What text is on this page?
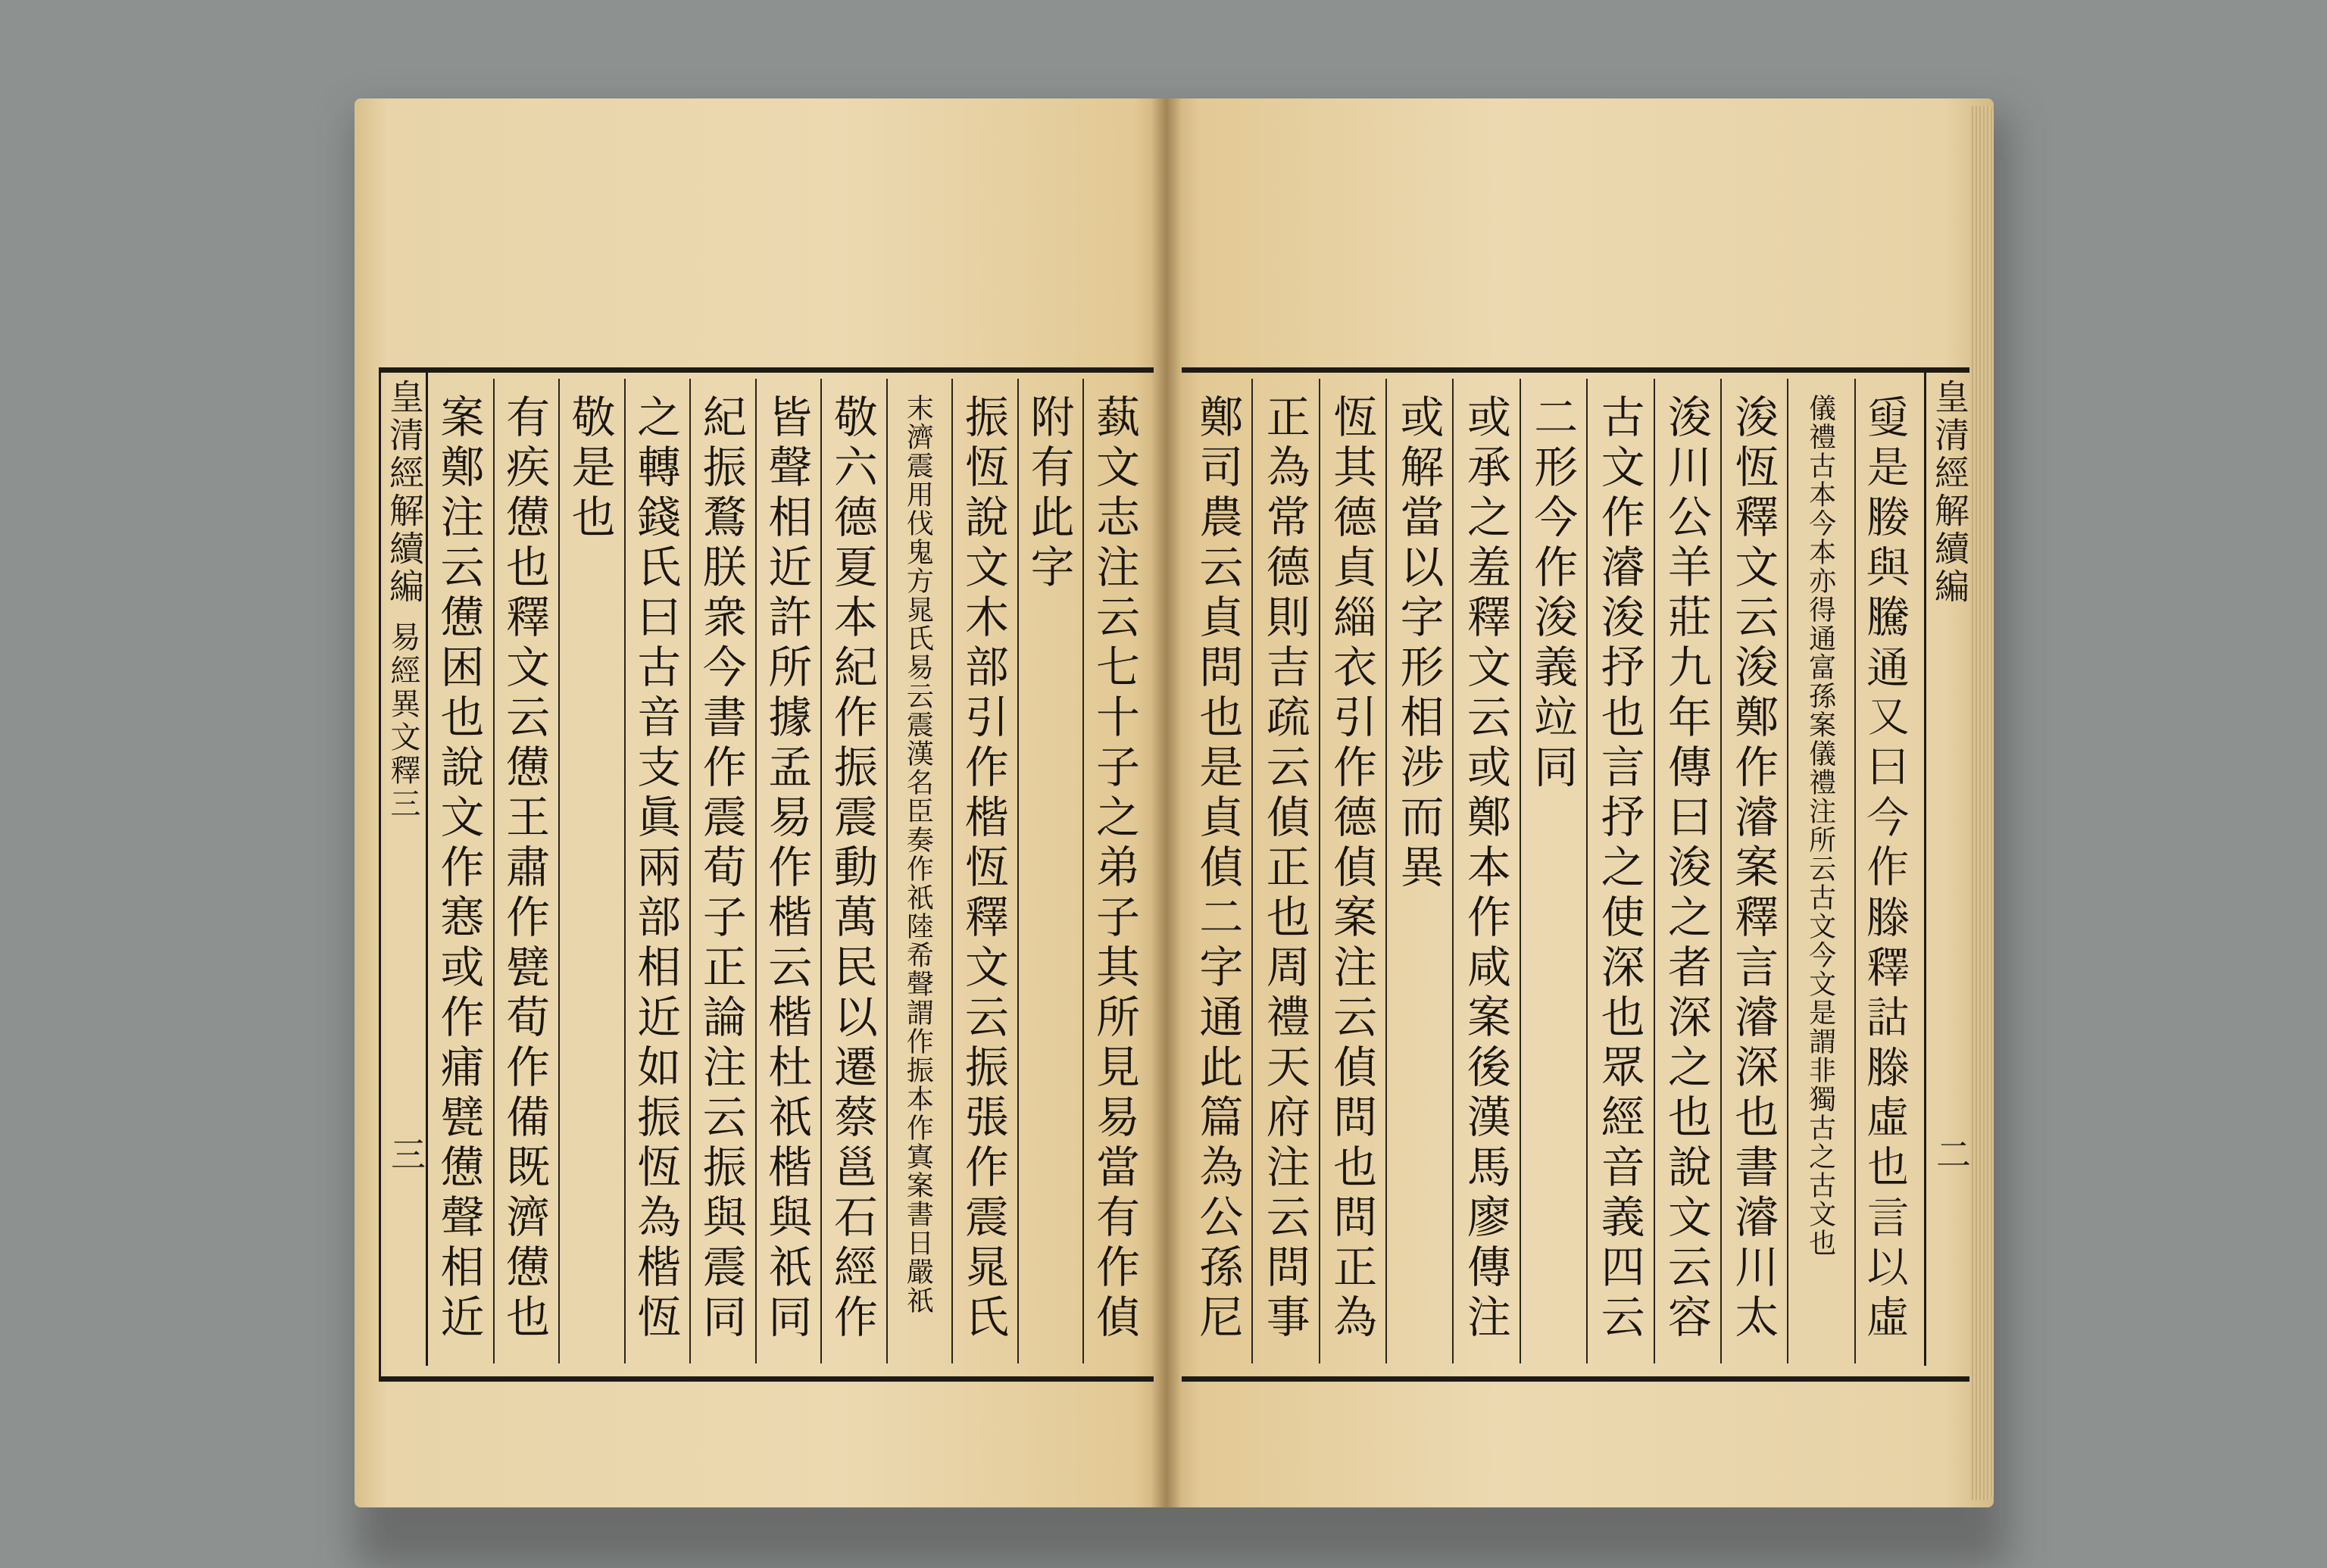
皇清經解續編
易經異文釋三
三
蓺文志注云七十子之弟子其所見易當有作偵
附有此字
振恆說文木部引作楷恆釋文云振張作震晁氏
末濟震用伐鬼方晁氏易云震漢名臣奏作祇陸希聲謂作振本作寘案書日嚴祇
敬六德夏本紀作振震動萬民以遷蔡邕石經作
皆聲相近許所據孟易作楷云楷杜祇楷與祇同
紀振鶩朕衆今書作震荀子正論注云振與震同
之轉錢氏曰古音支眞兩部相近如振恆為楷恆
敬是也
有疾憊也釋文云憊王肅作甓荀作備既濟憊也
案鄭注云憊困也說文作㥶或作痡甓憊聲相近
皇清經解續編
二
𤔣是媵與騰通又曰今作滕釋詁滕虛也言以虛
儀禮古本今本亦得通富孫案儀禮注所云古文今文是謂非獨古之古文也
浚恆釋文云浚鄭作濬案釋言濬深也書濬川太
浚川公羊莊九年傳曰浚之者深之也說文云容
古文作濬浚抒也言抒之使深也眾經音義四云
二形今作浚義竝同
或承之羞釋文云或鄭本作咸案後漢馬廖傳注
或解當以字形相涉而異
恆其德貞緇衣引作德偵案注云偵問也問正為
正為常德則吉疏云偵正也周禮天府注云問事
鄭司農云貞問也是貞偵二字通此篇為公孫尼
